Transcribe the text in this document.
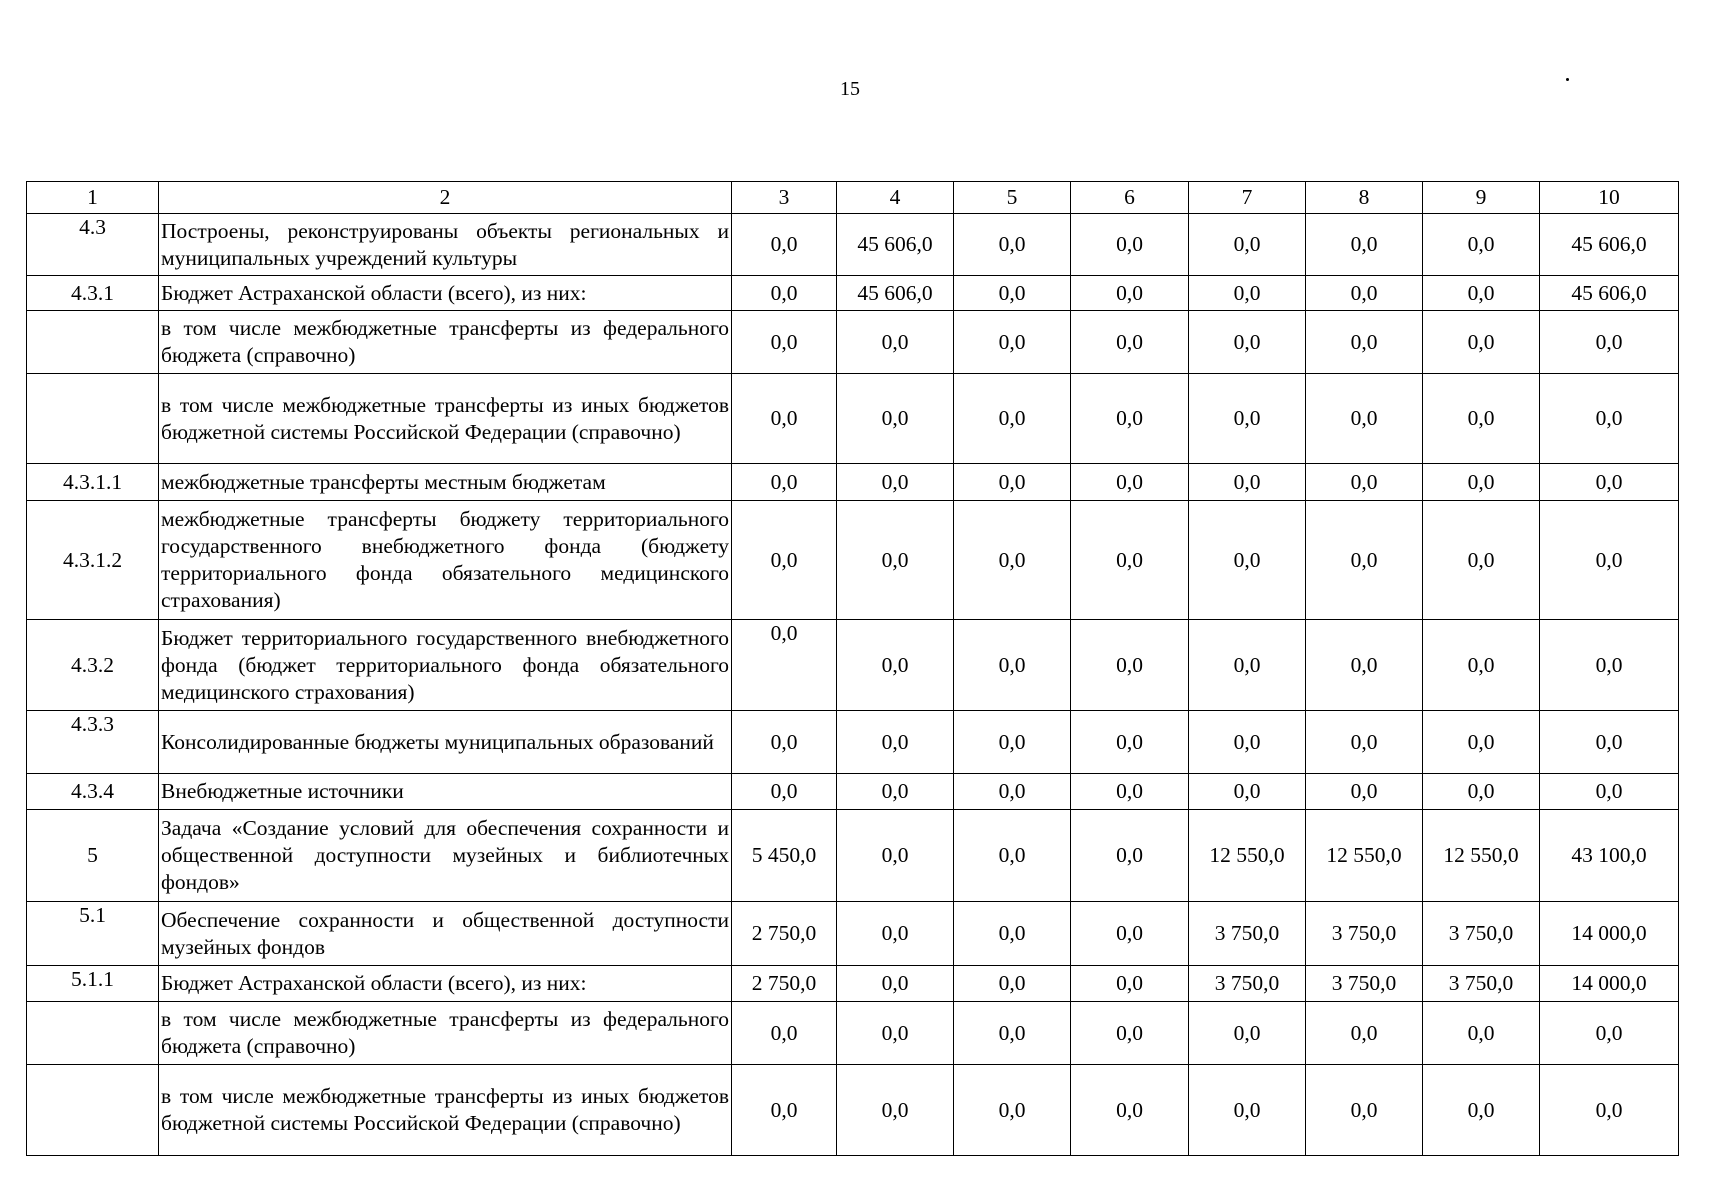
15
1	2	3	4	5	6	7	8	9	10
4.3	Построены, реконструированы объекты региональных и муниципальных учреждений культуры	0,0	45 606,0	0,0	0,0	0,0	0,0	0,0	45 606,0
4.3.1	Бюджет Астраханской области (всего), из них:	0,0	45 606,0	0,0	0,0	0,0	0,0	0,0	45 606,0
	в том числе межбюджетные трансферты из федерального бюджета (справочно)	0,0	0,0	0,0	0,0	0,0	0,0	0,0	0,0
	в том числе межбюджетные трансферты из иных бюджетов бюджетной системы Российской Федерации (справочно)	0,0	0,0	0,0	0,0	0,0	0,0	0,0	0,0
4.3.1.1	межбюджетные трансферты местным бюджетам	0,0	0,0	0,0	0,0	0,0	0,0	0,0	0,0
4.3.1.2	межбюджетные трансферты бюджету территориального государственного внебюджетного фонда (бюджету территориального фонда обязательного медицинского страхования)	0,0	0,0	0,0	0,0	0,0	0,0	0,0	0,0
4.3.2	Бюджет территориального государственного внебюджетного фонда (бюджет территориального фонда обязательного медицинского страхования)	0,0	0,0	0,0	0,0	0,0	0,0	0,0	0,0
4.3.3	Консолидированные бюджеты муниципальных образований	0,0	0,0	0,0	0,0	0,0	0,0	0,0	0,0
4.3.4	Внебюджетные источники	0,0	0,0	0,0	0,0	0,0	0,0	0,0	0,0
5	Задача «Создание условий для обеспечения сохранности и общественной доступности музейных и библиотечных фондов»	5 450,0	0,0	0,0	0,0	12 550,0	12 550,0	12 550,0	43 100,0
5.1	Обеспечение сохранности и общественной доступности музейных фондов	2 750,0	0,0	0,0	0,0	3 750,0	3 750,0	3 750,0	14 000,0
5.1.1	Бюджет Астраханской области (всего), из них:	2 750,0	0,0	0,0	0,0	3 750,0	3 750,0	3 750,0	14 000,0
	в том числе межбюджетные трансферты из федерального бюджета (справочно)	0,0	0,0	0,0	0,0	0,0	0,0	0,0	0,0
	в том числе межбюджетные трансферты из иных бюджетов бюджетной системы Российской Федерации (справочно)	0,0	0,0	0,0	0,0	0,0	0,0	0,0	0,0
